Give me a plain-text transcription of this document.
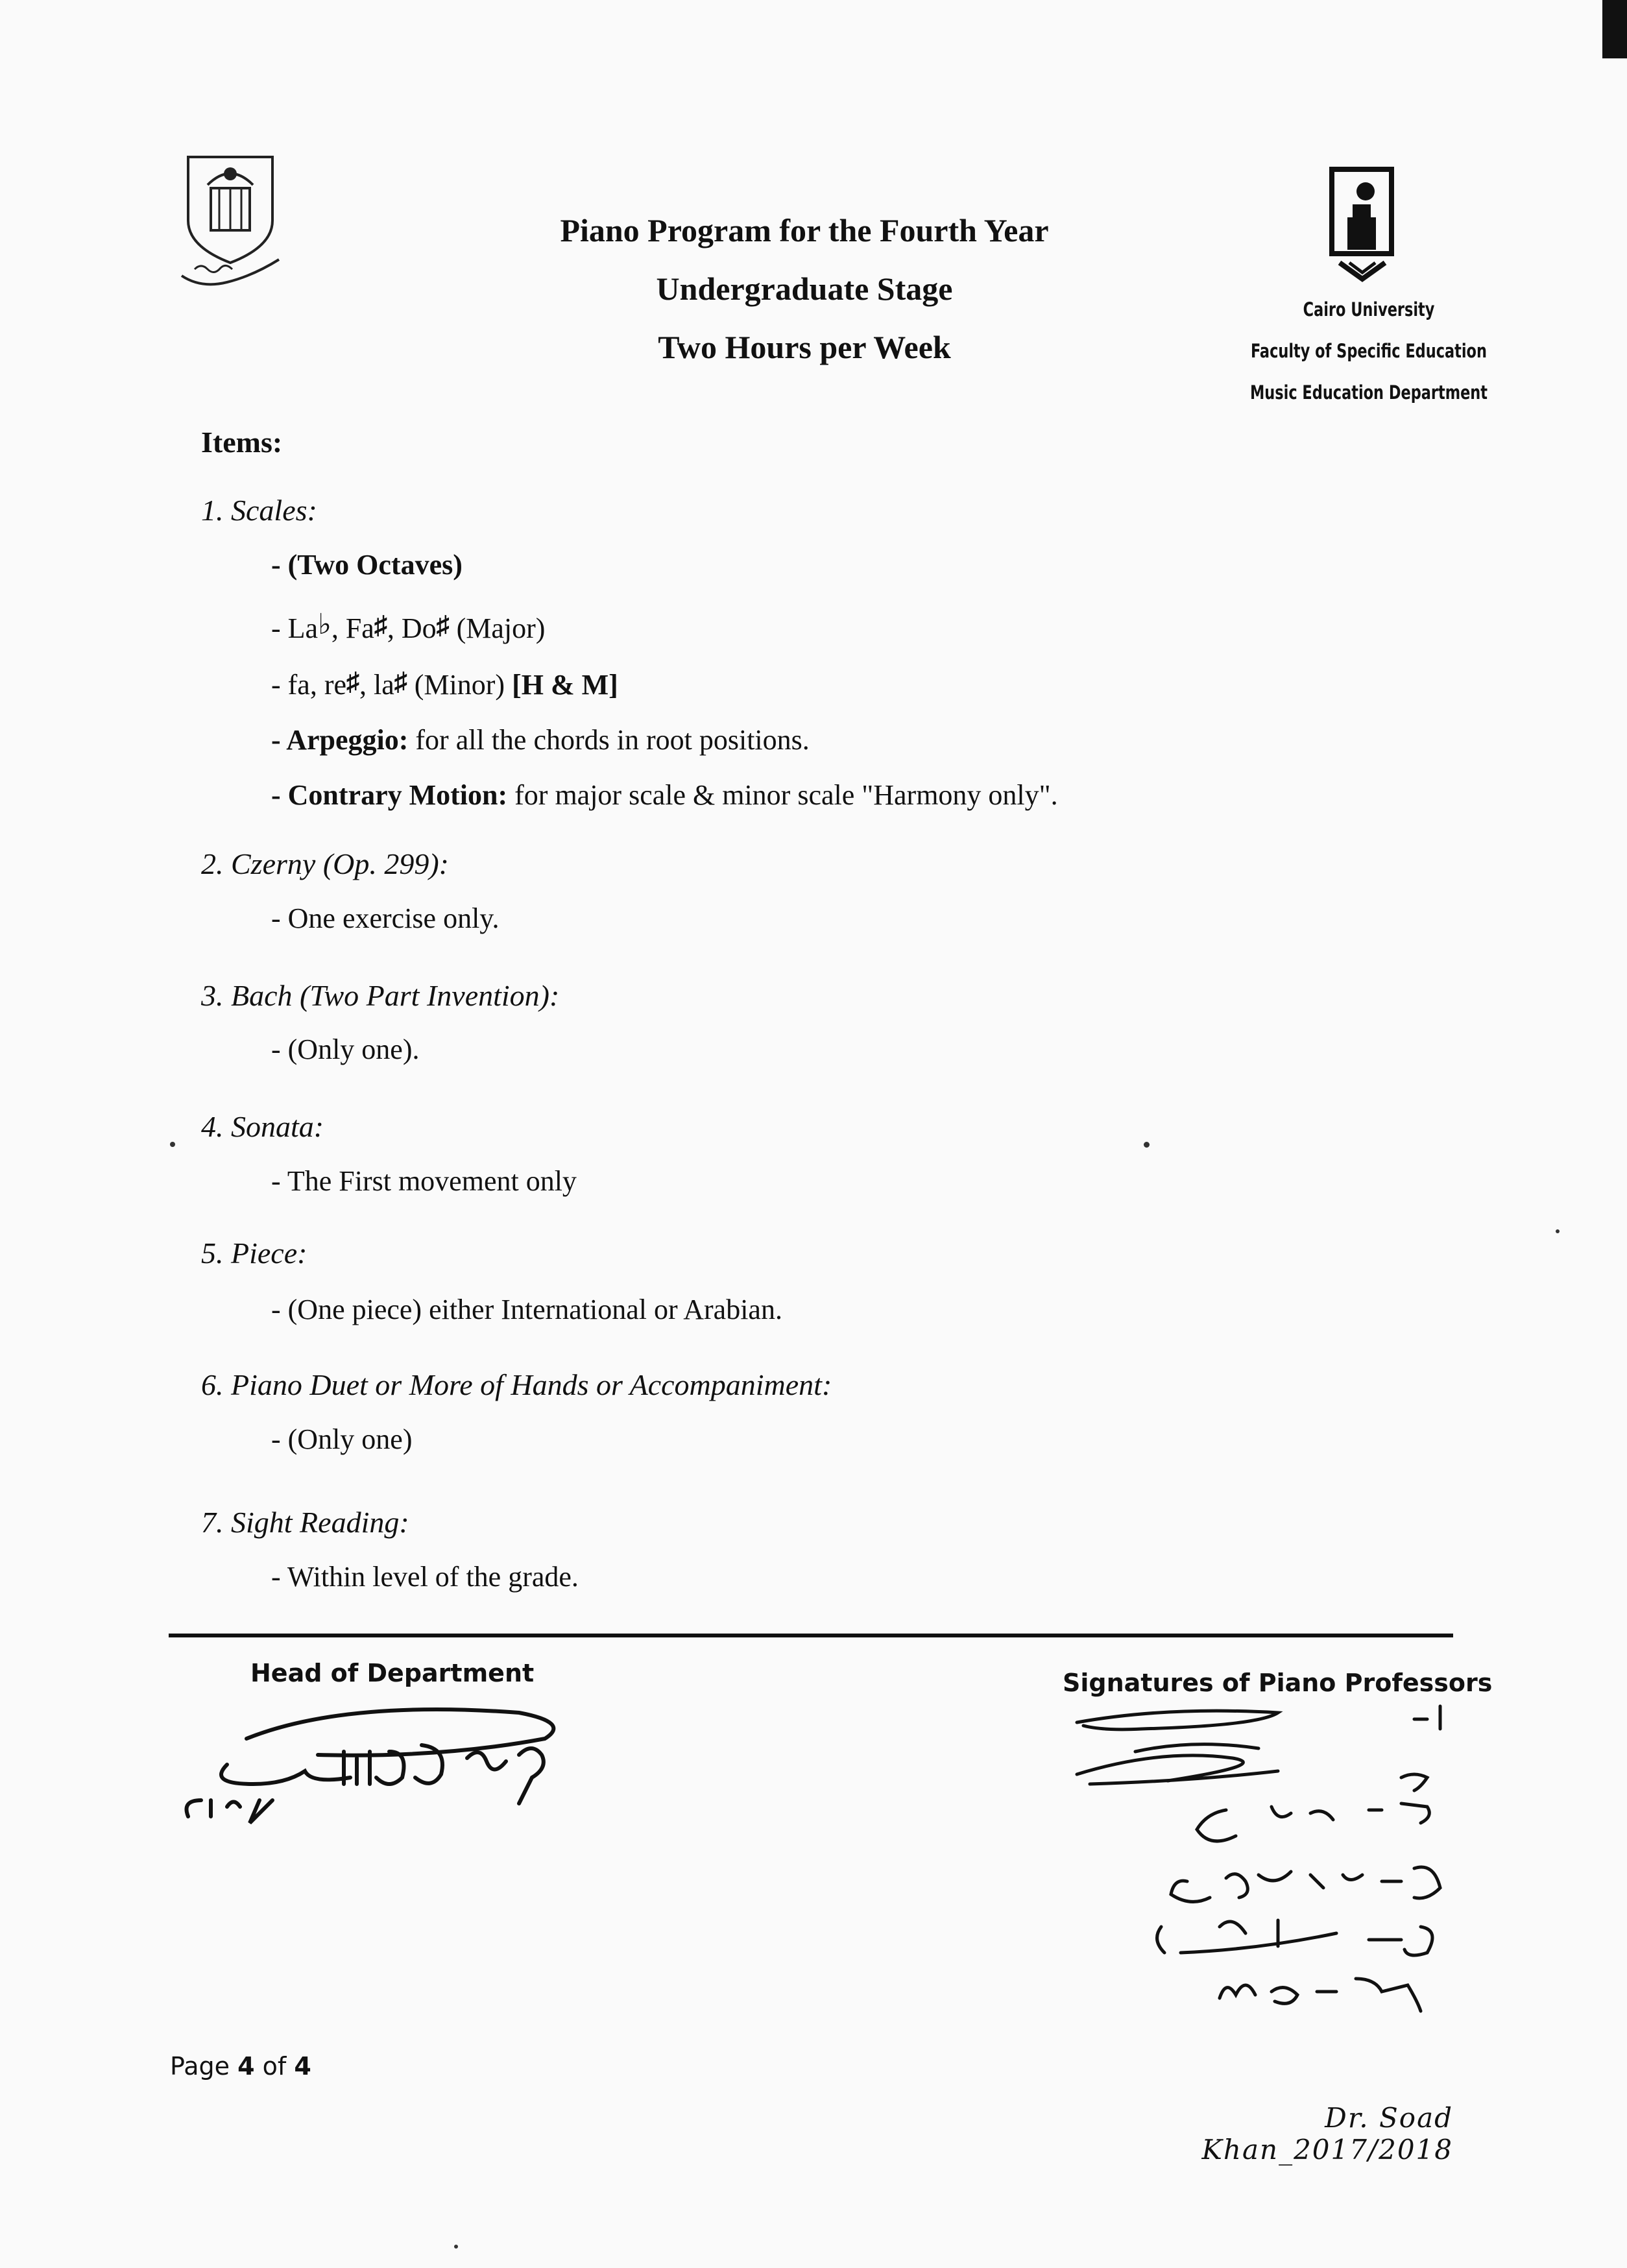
Piano Program for the Fourth Year
Undergraduate Stage
Two Hours per Week
Cairo University
Faculty of Specific Education
Music Education Department
Items:
1. Scales:
- (Two Octaves)
- La♭, Fa♯, Do♯ (Major)
- fa, re♯, la♯ (Minor) [H & M]
- Arpeggio: for all the chords in root positions.
- Contrary Motion: for major scale & minor scale "Harmony only".
2. Czerny (Op. 299):
- One exercise only.
3. Bach (Two Part Invention):
- (Only one).
4. Sonata:
- The First movement only
5. Piece:
- (One piece) either International or Arabian.
6. Piano Duet or More of Hands or Accompaniment:
- (Only one)
7. Sight Reading:
- Within level of the grade.
Head of Department	Signatures of Piano Professors
Page 4 of 4
Dr. Soad Khan_2017/2018
